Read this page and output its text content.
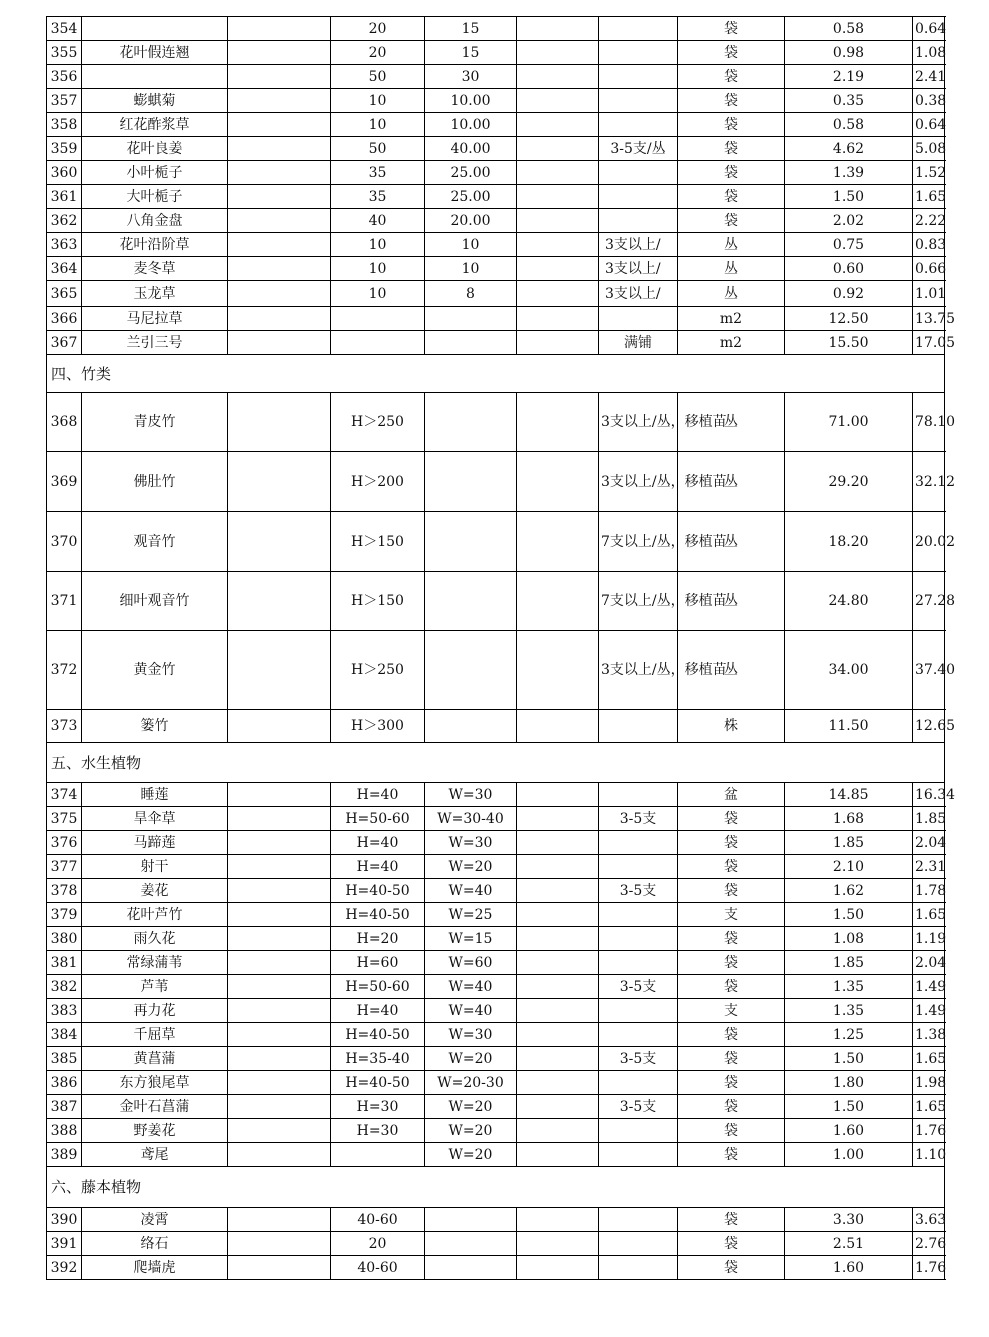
354			20	15			袋	0.58	0.64
355	花叶假连翘		20	15			袋	0.98	1.08
356			50	30			袋	2.19	2.41
357	蟛蜞菊		10	10.00			袋	0.35	0.38
358	红花酢浆草		10	10.00			袋	0.58	0.64
359	花叶良姜		50	40.00		3-5支/丛	袋	4.62	5.08
360	小叶栀子		35	25.00			袋	1.39	1.52
361	大叶栀子		35	25.00			袋	1.50	1.65
362	八角金盘		40	20.00			袋	2.02	2.22
363	花叶沿阶草		10	10		3支以上/	丛	0.75	0.83
364	麦冬草		10	10		3支以上/	丛	0.60	0.66
365	玉龙草		10	8		3支以上/	丛	0.92	1.01
366	马尼拉草						m2	12.50	13.75
367	兰引三号					满铺	m2	15.50	17.05
四、竹类									
368	青皮竹		H＞250			3支以上/丛，移植苗	丛	71.00	78.10
369	佛肚竹		H＞200			3支以上/丛，移植苗	丛	29.20	32.12
370	观音竹		H＞150			7支以上/丛，移植苗	丛	18.20	20.02
371	细叶观音竹		H＞150			7支以上/丛，移植苗	丛	24.80	27.28
372	黄金竹		H＞250			3支以上/丛，移植苗	丛	34.00	37.40
373	篓竹		H＞300				株	11.50	12.65
五、水生植物									
374	睡莲		H=40	W=30			盆	14.85	16.34
375	旱伞草		H=50-60	W=30-40		3-5支	袋	1.68	1.85
376	马蹄莲		H=40	W=30			袋	1.85	2.04
377	射干		H=40	W=20			袋	2.10	2.31
378	姜花		H=40-50	W=40		3-5支	袋	1.62	1.78
379	花叶芦竹		H=40-50	W=25			支	1.50	1.65
380	雨久花		H=20	W=15			袋	1.08	1.19
381	常绿蒲苇		H=60	W=60			袋	1.85	2.04
382	芦苇		H=50-60	W=40		3-5支	袋	1.35	1.49
383	再力花		H=40	W=40			支	1.35	1.49
384	千屈草		H=40-50	W=30			袋	1.25	1.38
385	黄菖蒲		H=35-40	W=20		3-5支	袋	1.50	1.65
386	东方狼尾草		H=40-50	W=20-30			袋	1.80	1.98
387	金叶石菖蒲		H=30	W=20		3-5支	袋	1.50	1.65
388	野姜花		H=30	W=20			袋	1.60	1.76
389	鸢尾			W=20			袋	1.00	1.10
六、藤本植物									
390	凌霄		40-60				袋	3.30	3.63
391	络石		20				袋	2.51	2.76
392	爬墙虎		40-60				袋	1.60	1.76
